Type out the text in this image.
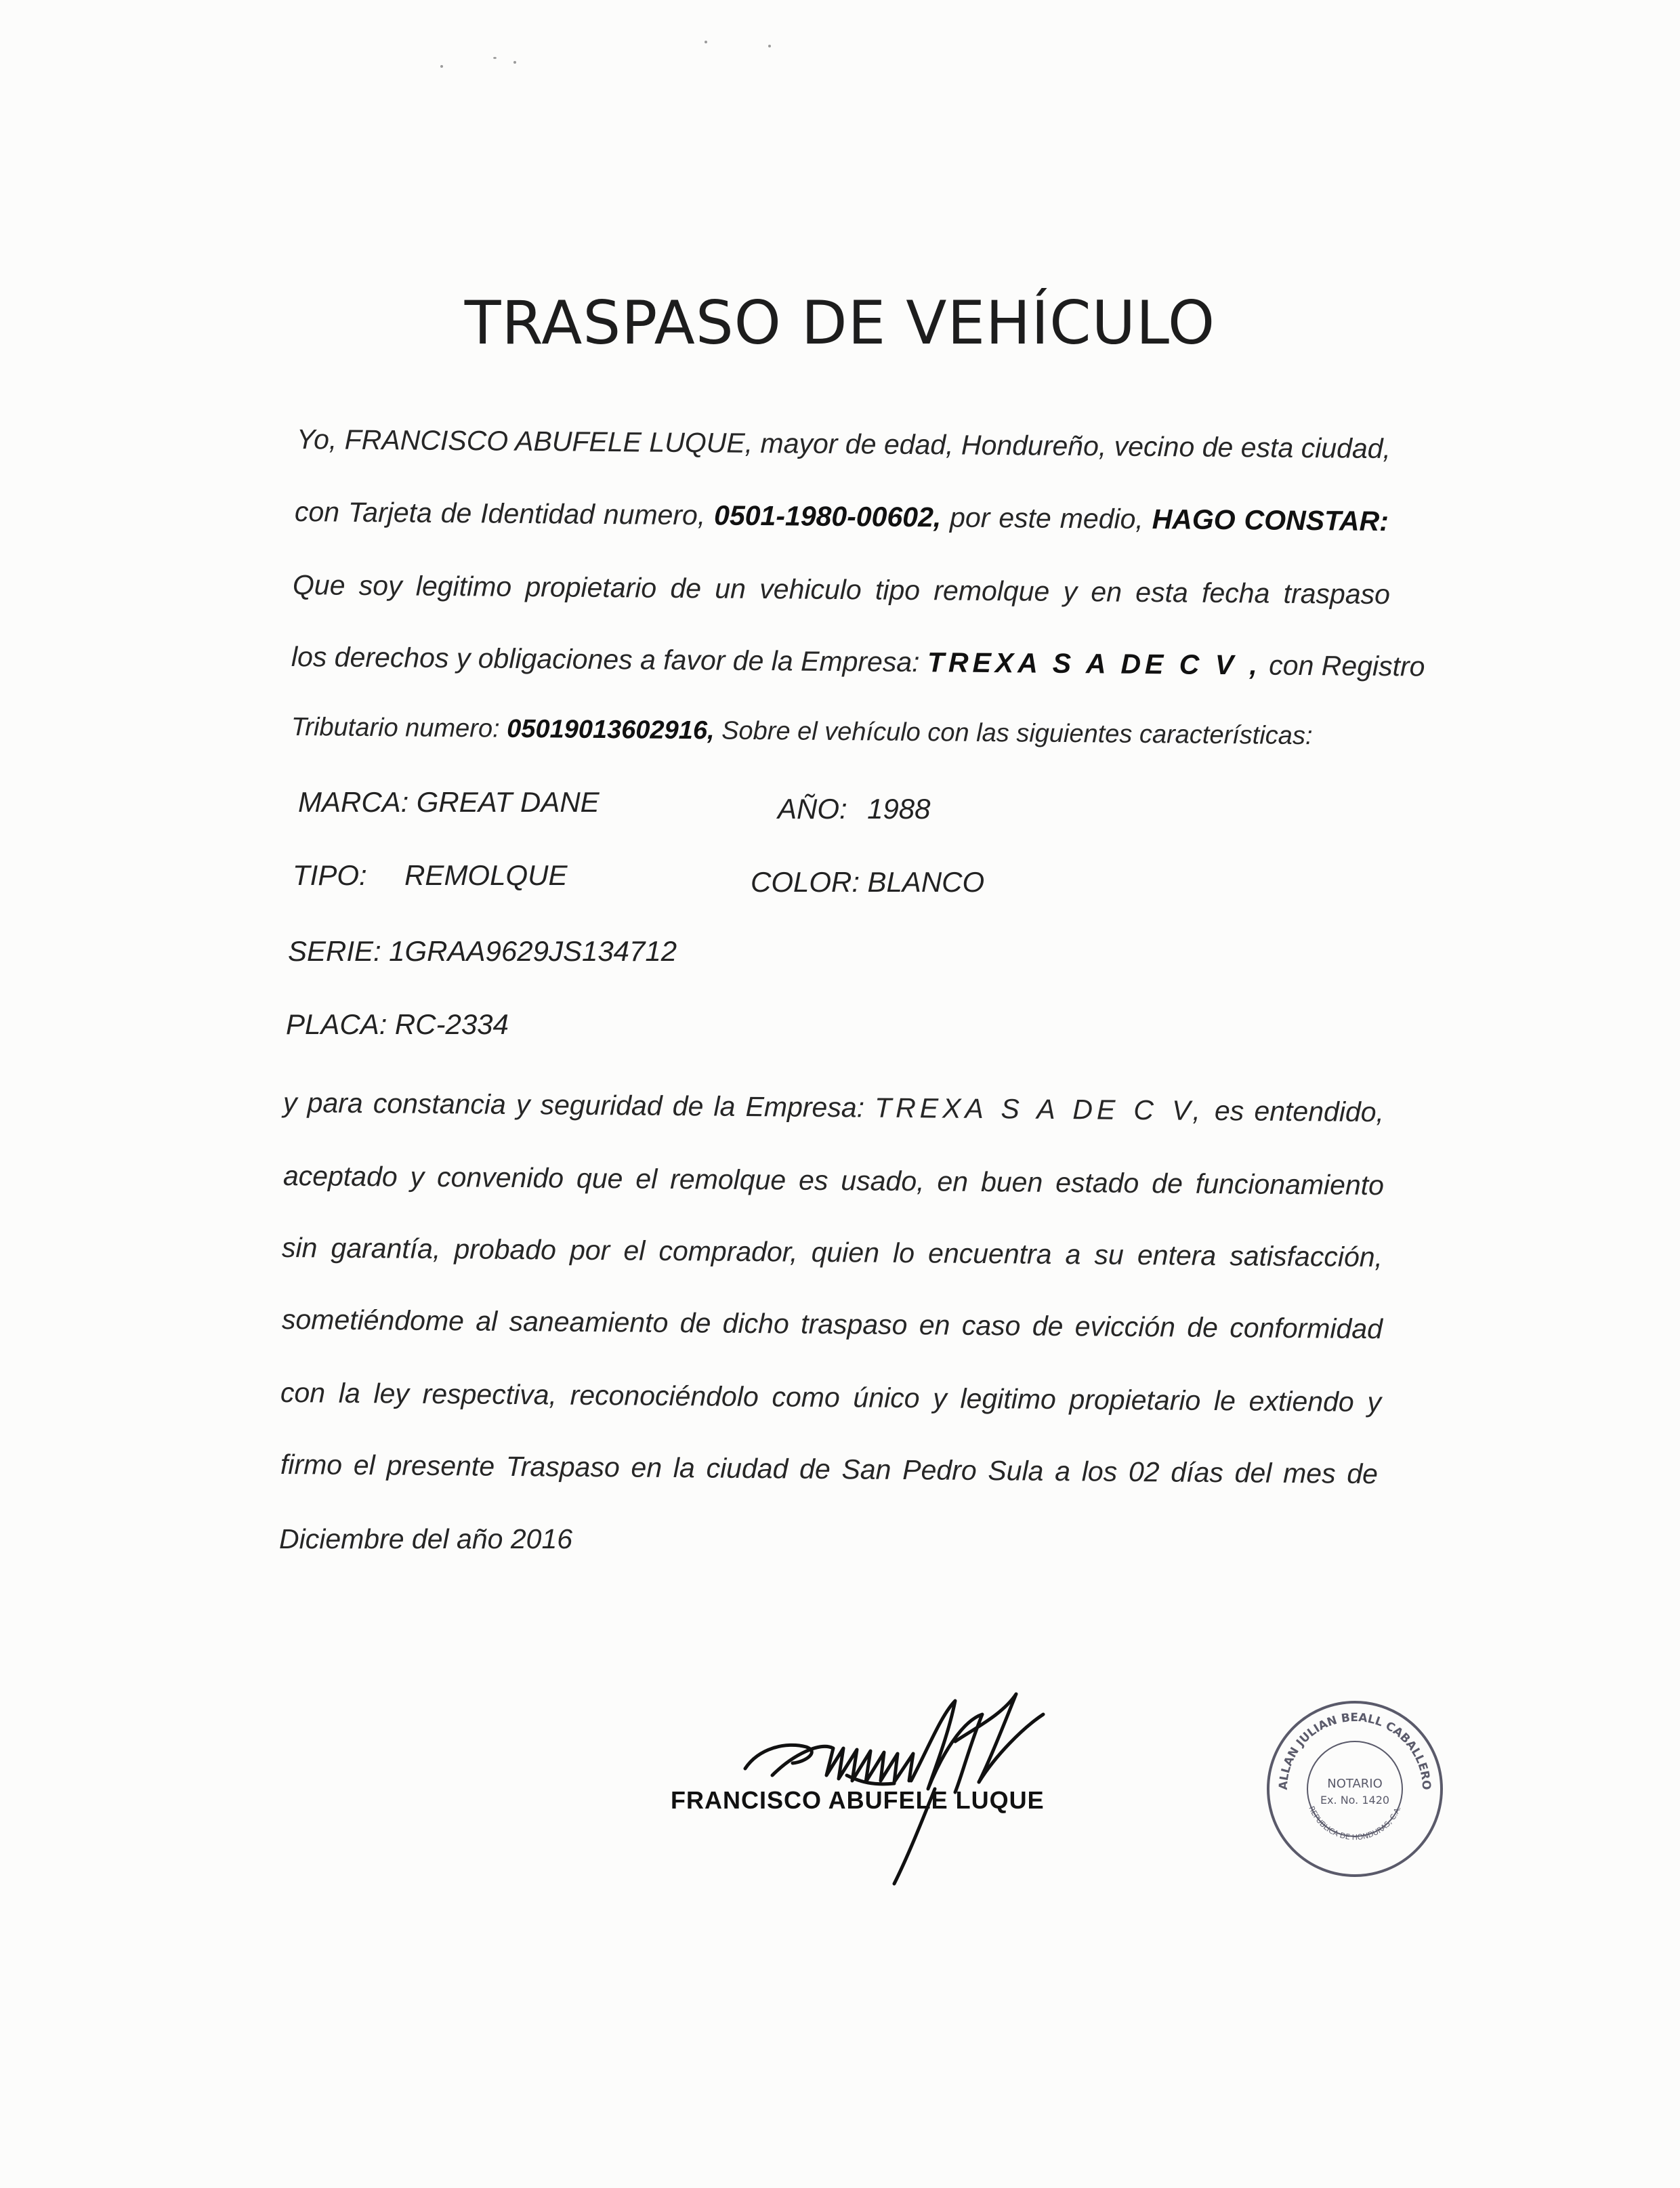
TRASPASO DE VEHÍCULO
Yo, FRANCISCO ABUFELE LUQUE, mayor de edad, Hondureño, vecino de esta ciudad,
con Tarjeta de Identidad numero, 0501-1980-00602, por este medio, HAGO CONSTAR:
Que soy legitimo propietario de un vehiculo tipo remolque y en esta fecha traspaso
los derechos y obligaciones a favor de la Empresa: TREXA S A DE C V , con Registro
Tributario numero: 05019013602916, Sobre el vehículo con las siguientes características:
MARCA: GREAT DANE	AÑO: 1988
TIPO: REMOLQUE	COLOR: BLANCO
SERIE: 1GRAA9629JS134712
PLACA: RC-2334
y para constancia y seguridad de la Empresa: TREXA S A DE C V, es entendido,
aceptado y convenido que el remolque es usado, en buen estado de funcionamiento
sin garantía, probado por el comprador, quien lo encuentra a su entera satisfacción,
sometiéndome al saneamiento de dicho traspaso en caso de evicción de conformidad
con la ley respectiva, reconociéndolo como único y legitimo propietario le extiendo y
firmo el presente Traspaso en la ciudad de San Pedro Sula a los 02 días del mes de
Diciembre del año 2016
FRANCISCO ABUFELE LUQUE
ALLAN JULIAN BEALL CABALLERO
NOTARIO
Ex. No. 1420
REPUBLICA DE HONDURAS, C.A.
